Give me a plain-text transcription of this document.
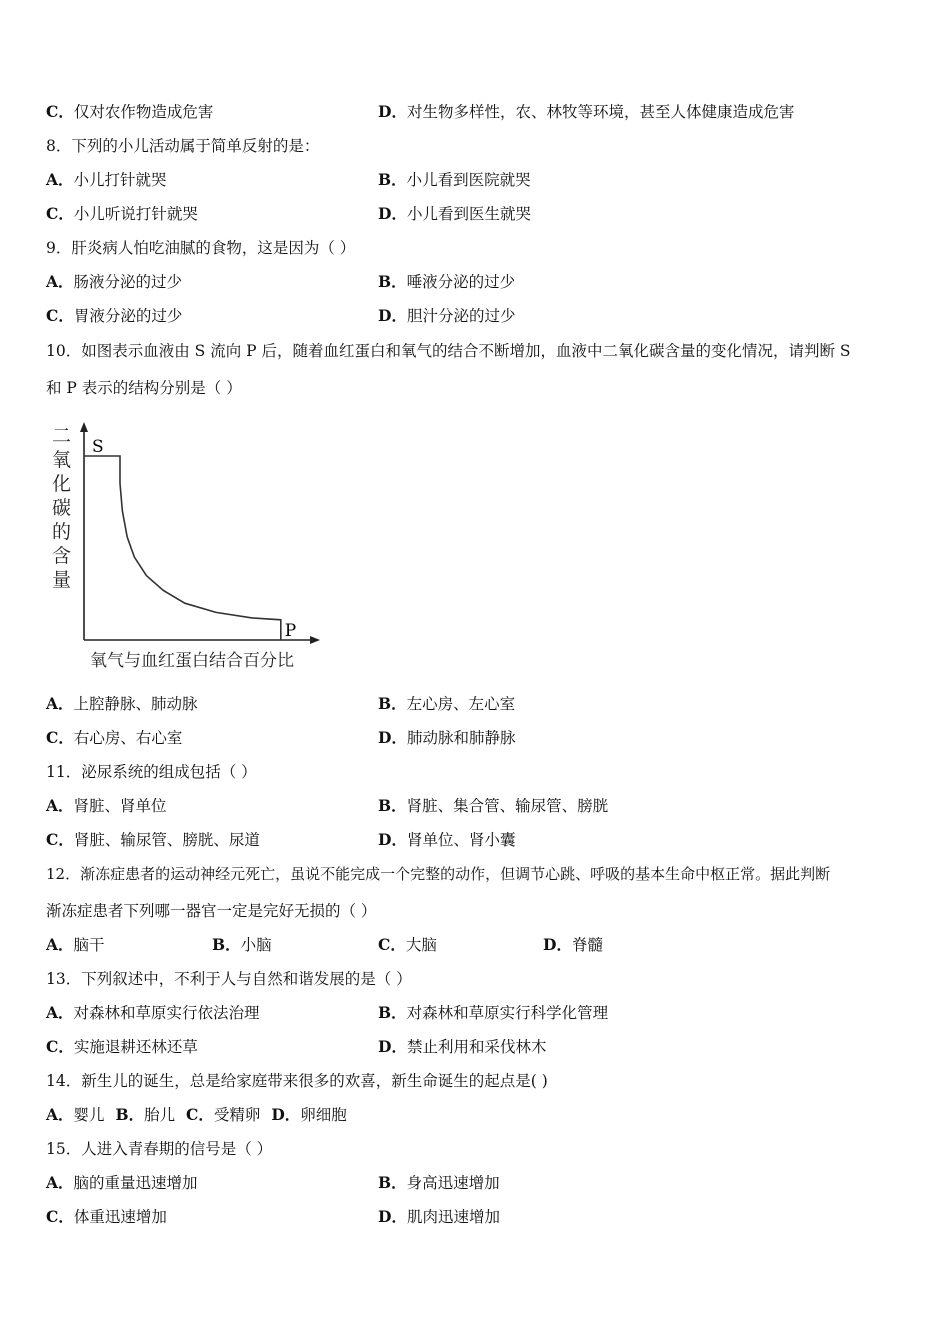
C．仅对农作物造成危害	D．对生物多样性，农、林牧等环境，甚至人体健康造成危害
8．下列的小儿活动属于简单反射的是：
A．小儿打针就哭	B．小儿看到医院就哭
C．小儿听说打针就哭	D．小儿看到医生就哭
9．肝炎病人怕吃油腻的食物，这是因为（ ）
A．肠液分泌的过少	B．唾液分泌的过少
C．胃液分泌的过少	D．胆汁分泌的过少
10．如图表示血液由 S 流向 P 后，随着血红蛋白和氧气的结合不断增加，血液中二氧化碳含量的变化情况，请判断 S
和 P 表示的结构分别是（ ）
二
氧
化
碳
的
含
量
S
P
氧气与血红蛋白结合百分比
A．上腔静脉、肺动脉	B．左心房、左心室
C．右心房、右心室	D．肺动脉和肺静脉
11．泌尿系统的组成包括（ ）
A．肾脏、肾单位	B．肾脏、集合管、输尿管、膀胱
C．肾脏、输尿管、膀胱、尿道	D．肾单位、肾小囊
12．渐冻症患者的运动神经元死亡，虽说不能完成一个完整的动作，但调节心跳、呼吸的基本生命中枢正常。据此判断
渐冻症患者下列哪一器官一定是完好无损的（ ）
A．脑干	B．小脑	C．大脑	D．脊髓
13．下列叙述中，不利于人与自然和谐发展的是（ ）
A．对森林和草原实行依法治理	B．对森林和草原实行科学化管理
C．实施退耕还林还草	D．禁止利用和采伐林木
14．新生儿的诞生，总是给家庭带来很多的欢喜，新生命诞生的起点是( )
A．婴儿 B．胎儿 C．受精卵 D．卵细胞
15．人进入青春期的信号是（ ）
A．脑的重量迅速增加	B．身高迅速增加
C．体重迅速增加	D．肌肉迅速增加
